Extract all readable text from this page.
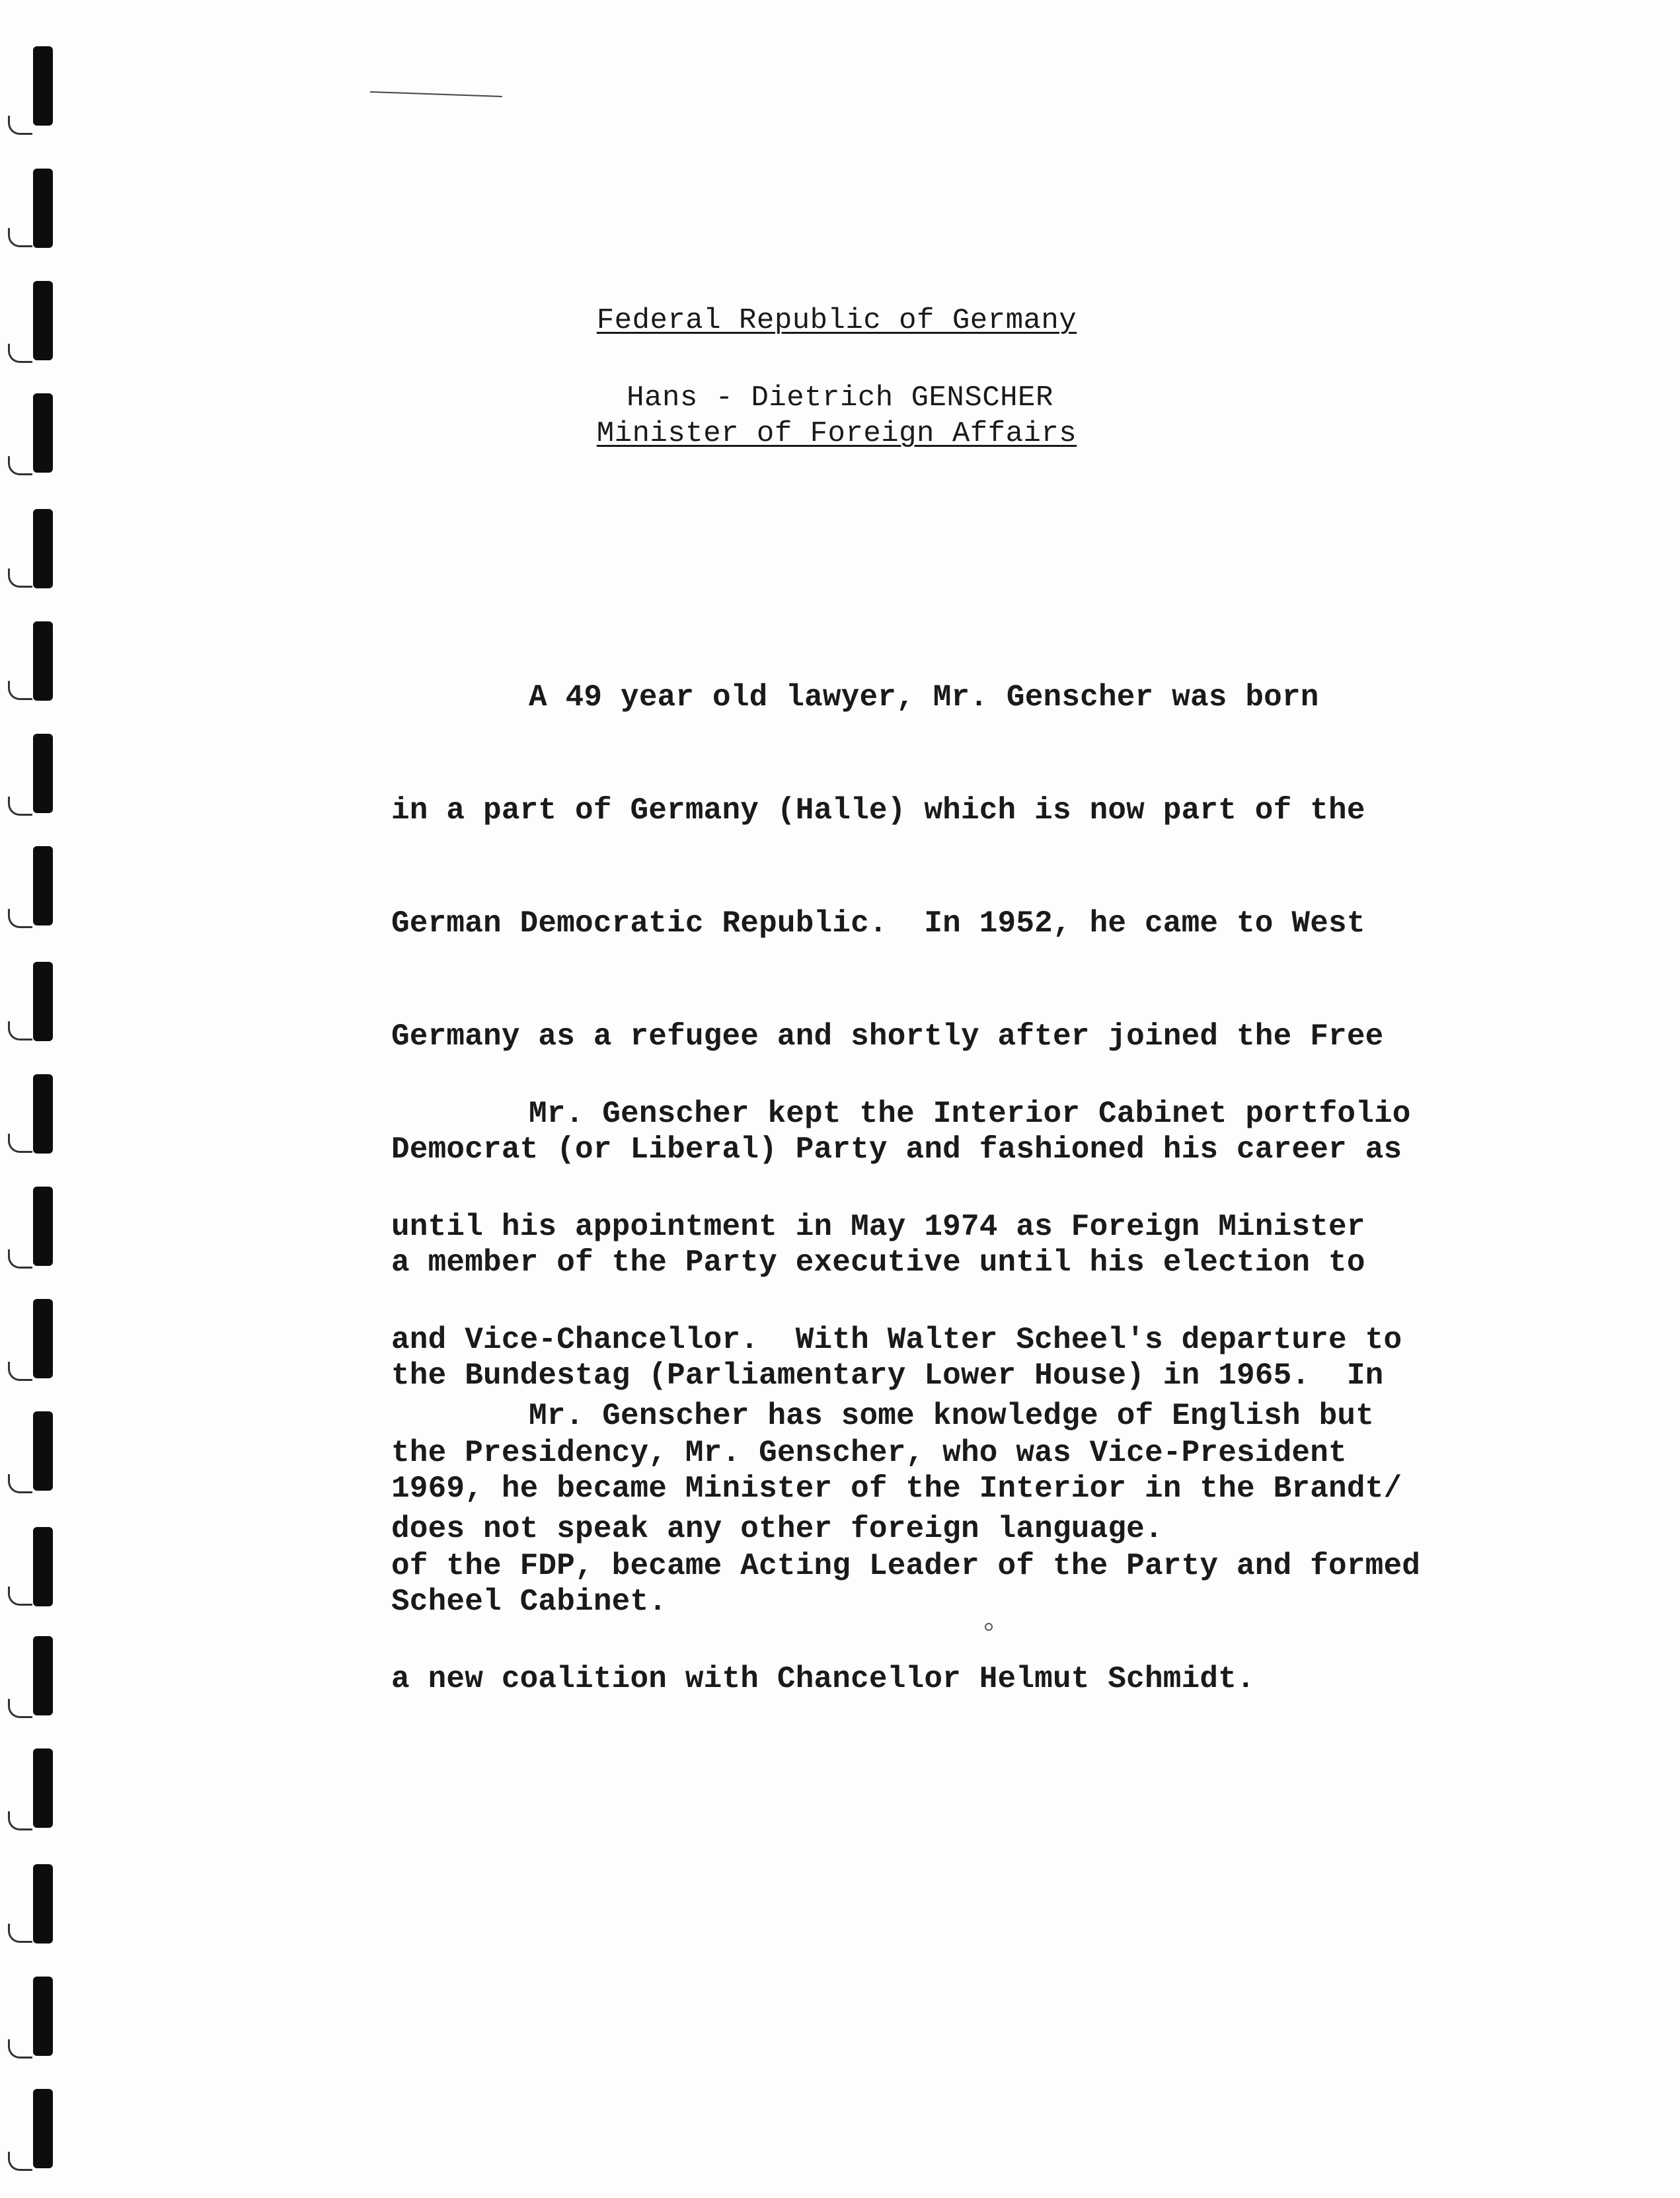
Federal Republic of Germany
Hans - Dietrich GENSCHER
Minister of Foreign Affairs

A 49 year old lawyer, Mr. Genscher was born

in a part of Germany (Halle) which is now part of the

German Democratic Republic.  In 1952, he came to West

Germany as a refugee and shortly after joined the Free

Democrat (or Liberal) Party and fashioned his career as

a member of the Party executive until his election to

the Bundestag (Parliamentary Lower House) in 1965.  In

1969, he became Minister of the Interior in the Brandt/

Scheel Cabinet.

Mr. Genscher kept the Interior Cabinet portfolio

until his appointment in May 1974 as Foreign Minister

and Vice-Chancellor.  With Walter Scheel's departure to

the Presidency, Mr. Genscher, who was Vice-President

of the FDP, became Acting Leader of the Party and formed

a new coalition with Chancellor Helmut Schmidt.

Mr. Genscher has some knowledge of English but

does not speak any other foreign language.
